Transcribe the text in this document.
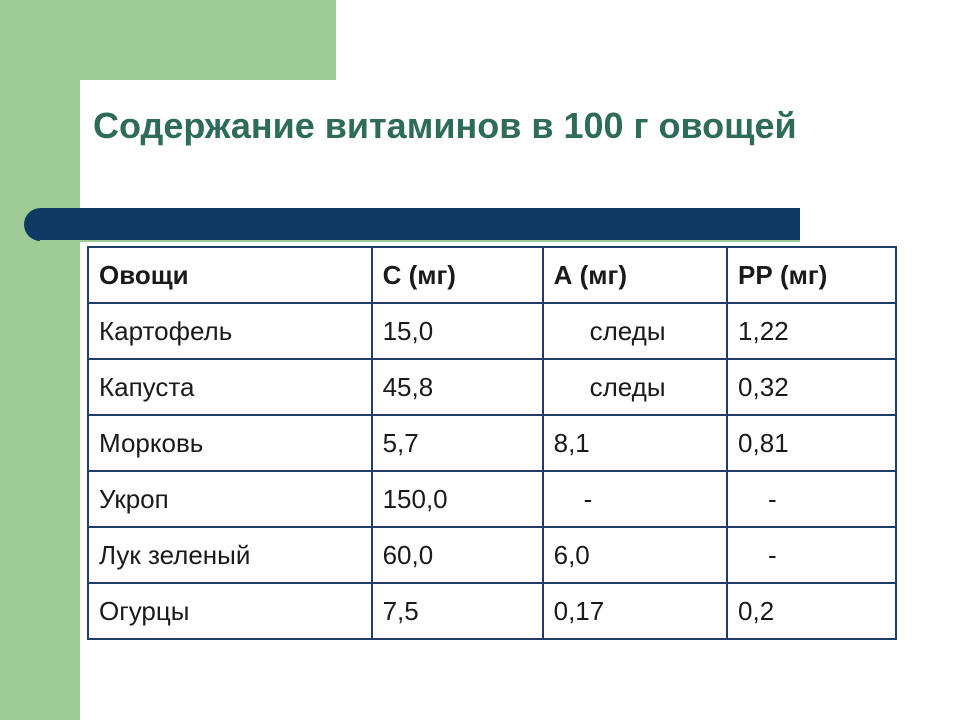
Содержание витаминов в 100 г овощей
Овощи	С (мг)	А (мг)	РР (мг)
Картофель	15,0	следы	1,22
Капуста	45,8	следы	0,32
Морковь	5,7	8,1	0,81
Укроп	150,0	-	-
Лук зеленый	60,0	6,0	-
Огурцы	7,5	0,17	0,2
